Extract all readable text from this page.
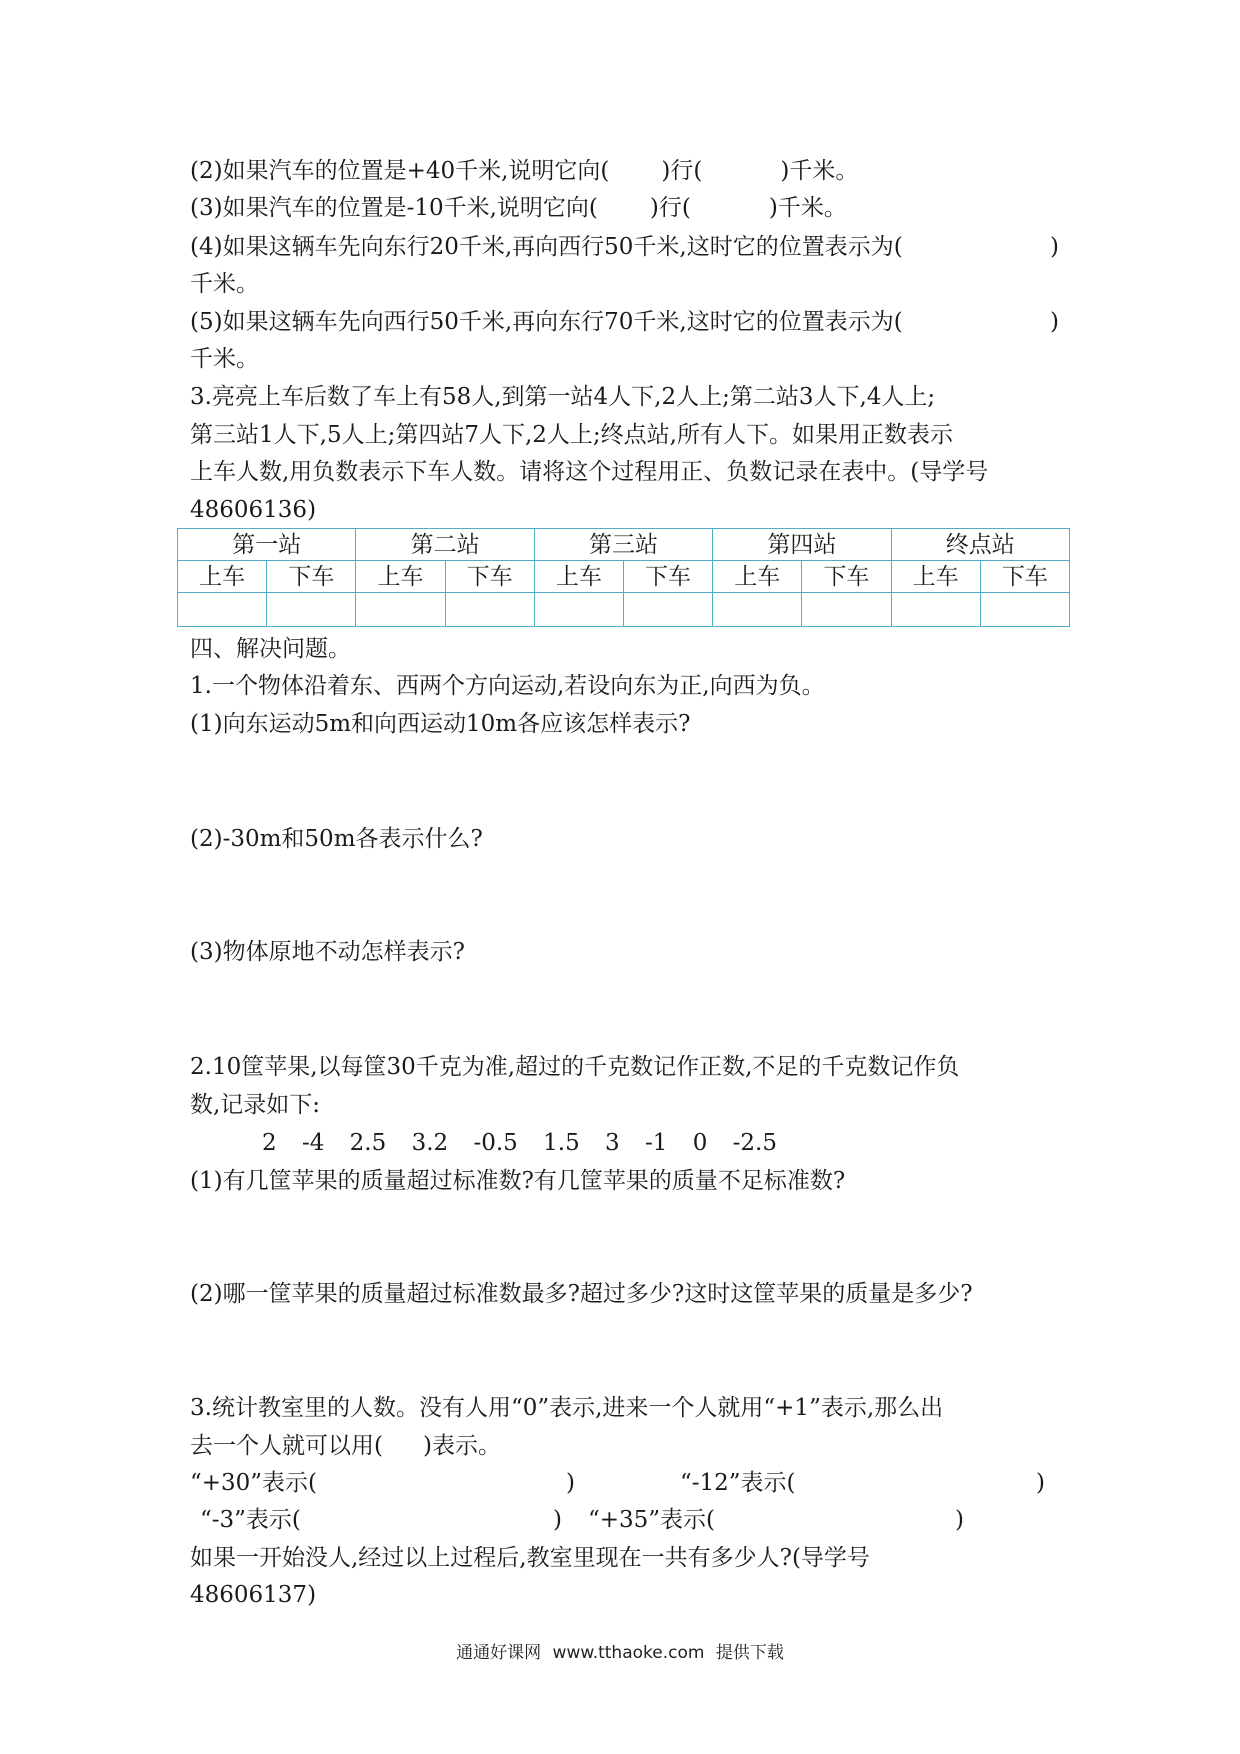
(2)如果汽车的位置是+40千米,说明它向( )行(	)千米。
(3)如果汽车的位置是-10千米,说明它向( )行(	)千米。
(4)如果这辆车先向东行20千米,再向西行50千米,这时它的位置表示为(	)
千米。
(5)如果这辆车先向西行50千米,再向东行70千米,这时它的位置表示为(	)
千米。
3.亮亮上车后数了车上有58人,到第一站4人下,2人上;第二站3人下,4人上;
第三站1人下,5人上;第四站7人下,2人上;终点站,所有人下。如果用正数表示
上车人数,用负数表示下车人数。请将这个过程用正、负数记录在表中。(导学号
48606136)
第一站		第二站		第三站		第四站		终点站	
上车	下车	上车	下车	上车	下车	上车	下车	上车	下车

四、解决问题。
1.一个物体沿着东、西两个方向运动,若设向东为正,向西为负。
(1)向东运动5m和向西运动10m各应该怎样表示?
(2)-30m和50m各表示什么?
(3)物体原地不动怎样表示?
2.10筐苹果,以每筐30千克为准,超过的千克数记作正数,不足的千克数记作负
数,记录如下:
2 -4 2.5 3.2 -0.5 1.5 3 -1 0 -2.5
(1)有几筐苹果的质量超过标准数?有几筐苹果的质量不足标准数?
(2)哪一筐苹果的质量超过标准数最多?超过多少?这时这筐苹果的质量是多少?
3.统计教室里的人数。没有人用“0”表示,进来一个人就用“+1”表示,那么出
去一个人就可以用( )表示。
“+30”表示(	)	“-12”表示(	)
“-3”表示(	) “+35”表示(	)
如果一开始没人,经过以上过程后,教室里现在一共有多少人?(导学号
48606137)
通通好课网 www.tthaoke.com 提供下载
